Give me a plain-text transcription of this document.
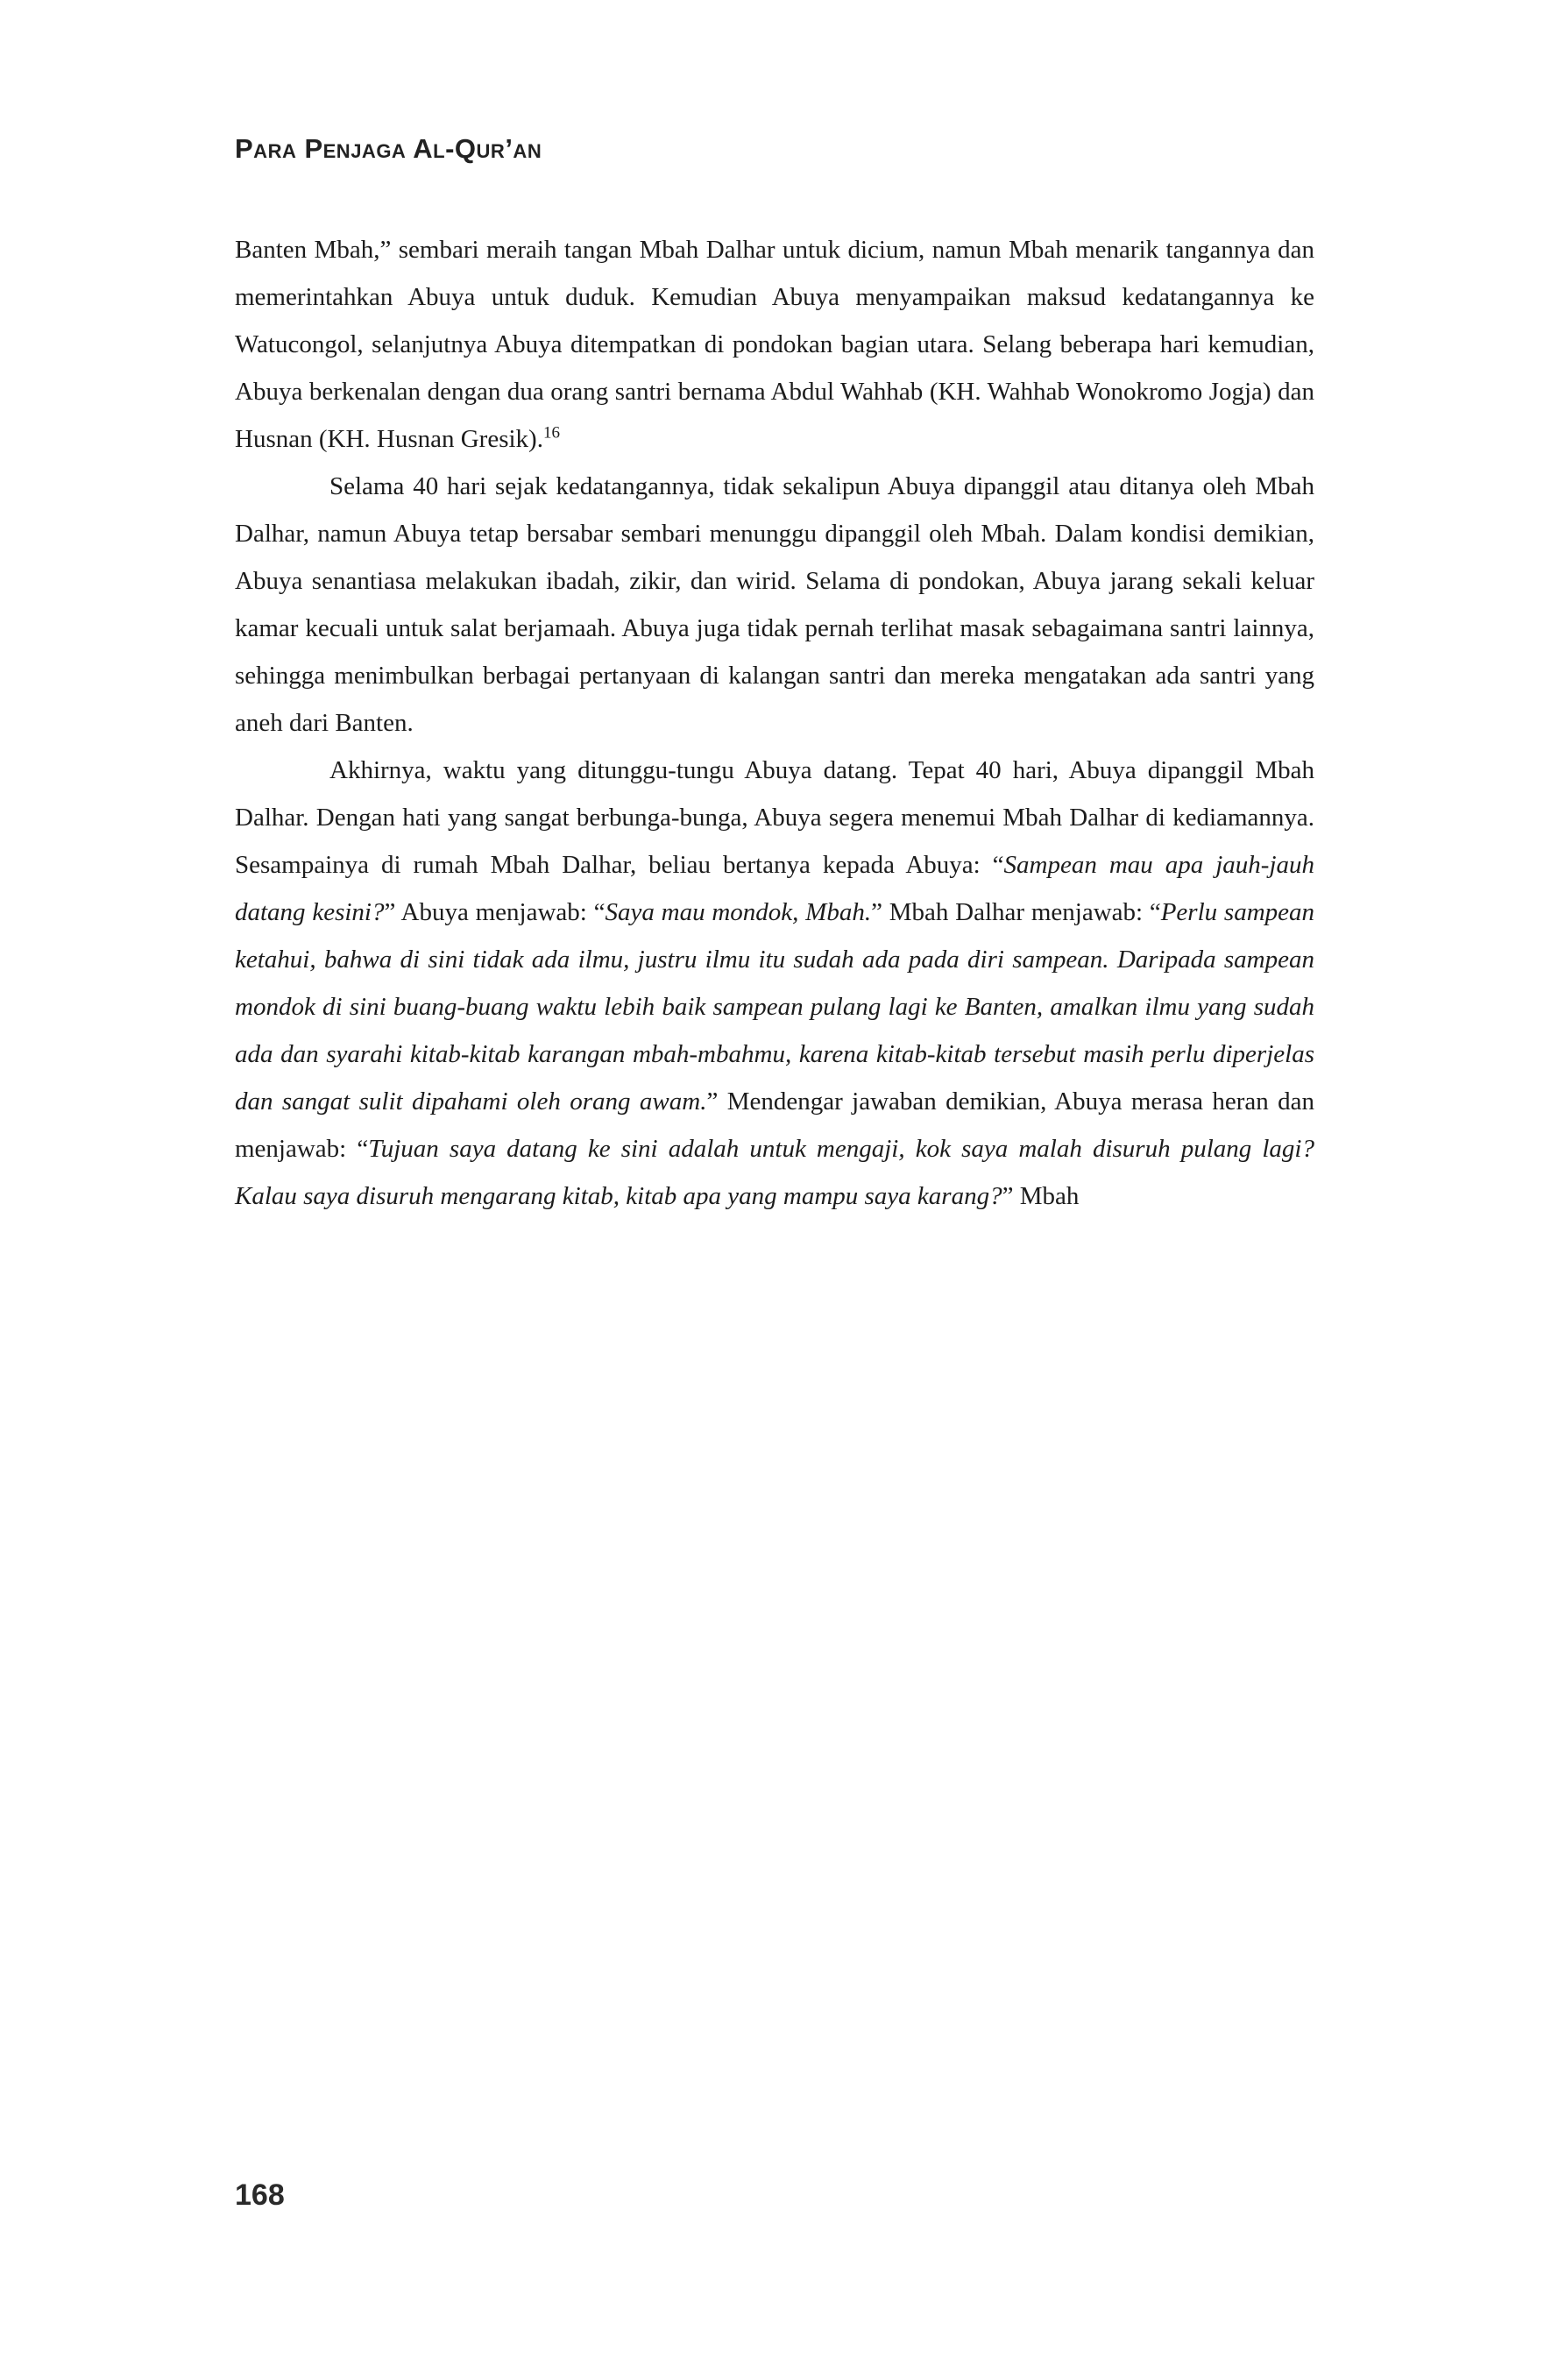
Para Penjaga Al-Qur’an

Banten Mbah,” sembari meraih tangan Mbah Dalhar untuk dicium, namun Mbah menarik tangannya dan memerintahkan Abuya untuk duduk. Kemudian Abuya menyampaikan maksud kedatangannya ke Watucongol, selanjutnya Abuya ditempatkan di pondokan bagian utara. Selang beberapa hari kemudian, Abuya berkenalan dengan dua orang santri bernama Abdul Wahhab (KH. Wahhab Wonokromo Jogja) dan Husnan (KH. Husnan Gresik).$^{16}$

Selama 40 hari sejak kedatangannya, tidak sekalipun Abuya dipanggil atau ditanya oleh Mbah Dalhar, namun Abuya tetap bersabar sembari menunggu dipanggil oleh Mbah. Dalam kondisi demikian, Abuya senantiasa melakukan ibadah, zikir, dan wirid. Selama di pondokan, Abuya jarang sekali keluar kamar kecuali untuk salat berjamaah. Abuya juga tidak pernah terlihat masak sebagaimana santri lainnya, sehingga menimbulkan berbagai pertanyaan di kalangan santri dan mereka mengatakan ada santri yang aneh dari Banten.

Akhirnya, waktu yang ditunggu-tungu Abuya datang. Tepat 40 hari, Abuya dipanggil Mbah Dalhar. Dengan hati yang sangat berbunga-bunga, Abuya segera menemui Mbah Dalhar di kediamannya. Sesampainya di rumah Mbah Dalhar, beliau bertanya kepada Abuya: “Sampean mau apa jauh-jauh datang kesini?” Abuya menjawab: “Saya mau mondok, Mbah.” Mbah Dalhar menjawab: “Perlu sampean ketahui, bahwa di sini tidak ada ilmu, justru ilmu itu sudah ada pada diri sampean. Daripada sampean mondok di sini buang-buang waktu lebih baik sampean pulang lagi ke Banten, amalkan ilmu yang sudah ada dan syarahi kitab-kitab karangan mbah-mbahmu, karena kitab-kitab tersebut masih perlu diperjelas dan sangat sulit dipahami oleh orang awam.” Mendengar jawaban demikian, Abuya merasa heran dan menjawab: “Tujuan saya datang ke sini adalah untuk mengaji, kok saya malah disuruh pulang lagi? Kalau saya disuruh mengarang kitab, kitab apa yang mampu saya karang?” Mbah

168
